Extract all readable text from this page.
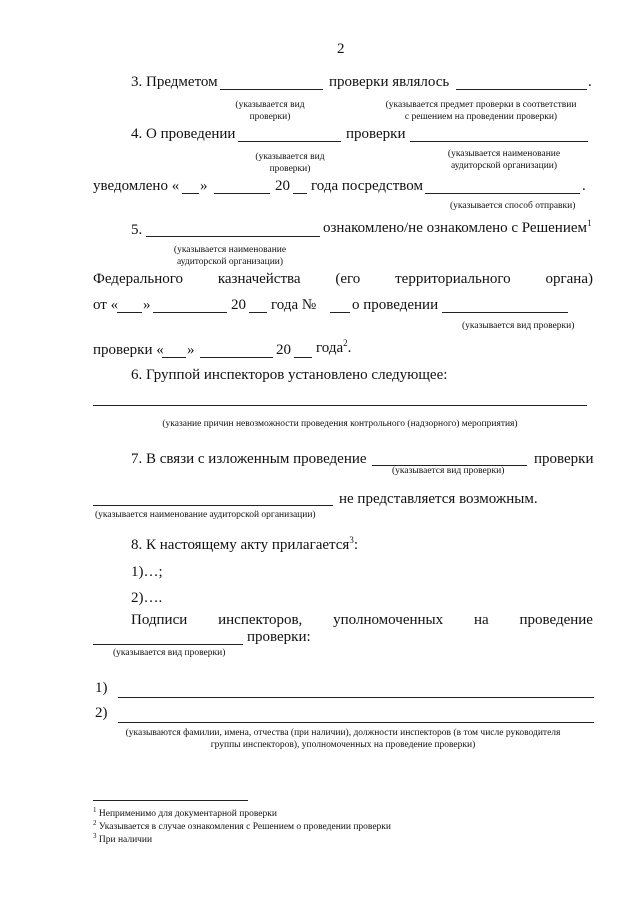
2
3. Предметом	проверки являлось	.
(указывается вид
проверки)
(указывается предмет проверки в соответствии
с решением на проведении проверки)
4. О проведении	проверки
(указывается вид
проверки)
(указывается наименование
аудиторской организации)
уведомлено « »	20 года посредством	.
(указывается способ отправки)
5.	ознакомлено/не ознакомлено с Решением$^1$
(указывается наименование
аудиторской организации)
Федерального казначейства (его территориального органа)
от « »	20 года № о проведении
(указывается вид проверки)
проверки « »	20 года$^2$.
6. Группой инспекторов установлено следующее:
(указание причин невозможности проведения контрольного (надзорного) мероприятия)
7. В связи с изложенным проведение	проверки
(указывается вид проверки)
не представляется возможным.
(указывается наименование аудиторской организации)
8. К настоящему акту прилагается$^3$:
1)…;
2)….
Подписи инспекторов, уполномоченных на проведение
проверки:
(указывается вид проверки)
1)
2)
(указываются фамилии, имена, отчества (при наличии), должности инспекторов (в том числе руководителя
группы инспекторов), уполномоченных на проведение проверки)
$^1$ Неприменимо для документарной проверки
$^2$ Указывается в случае ознакомления с Решением о проведении проверки
$^3$ При наличии
